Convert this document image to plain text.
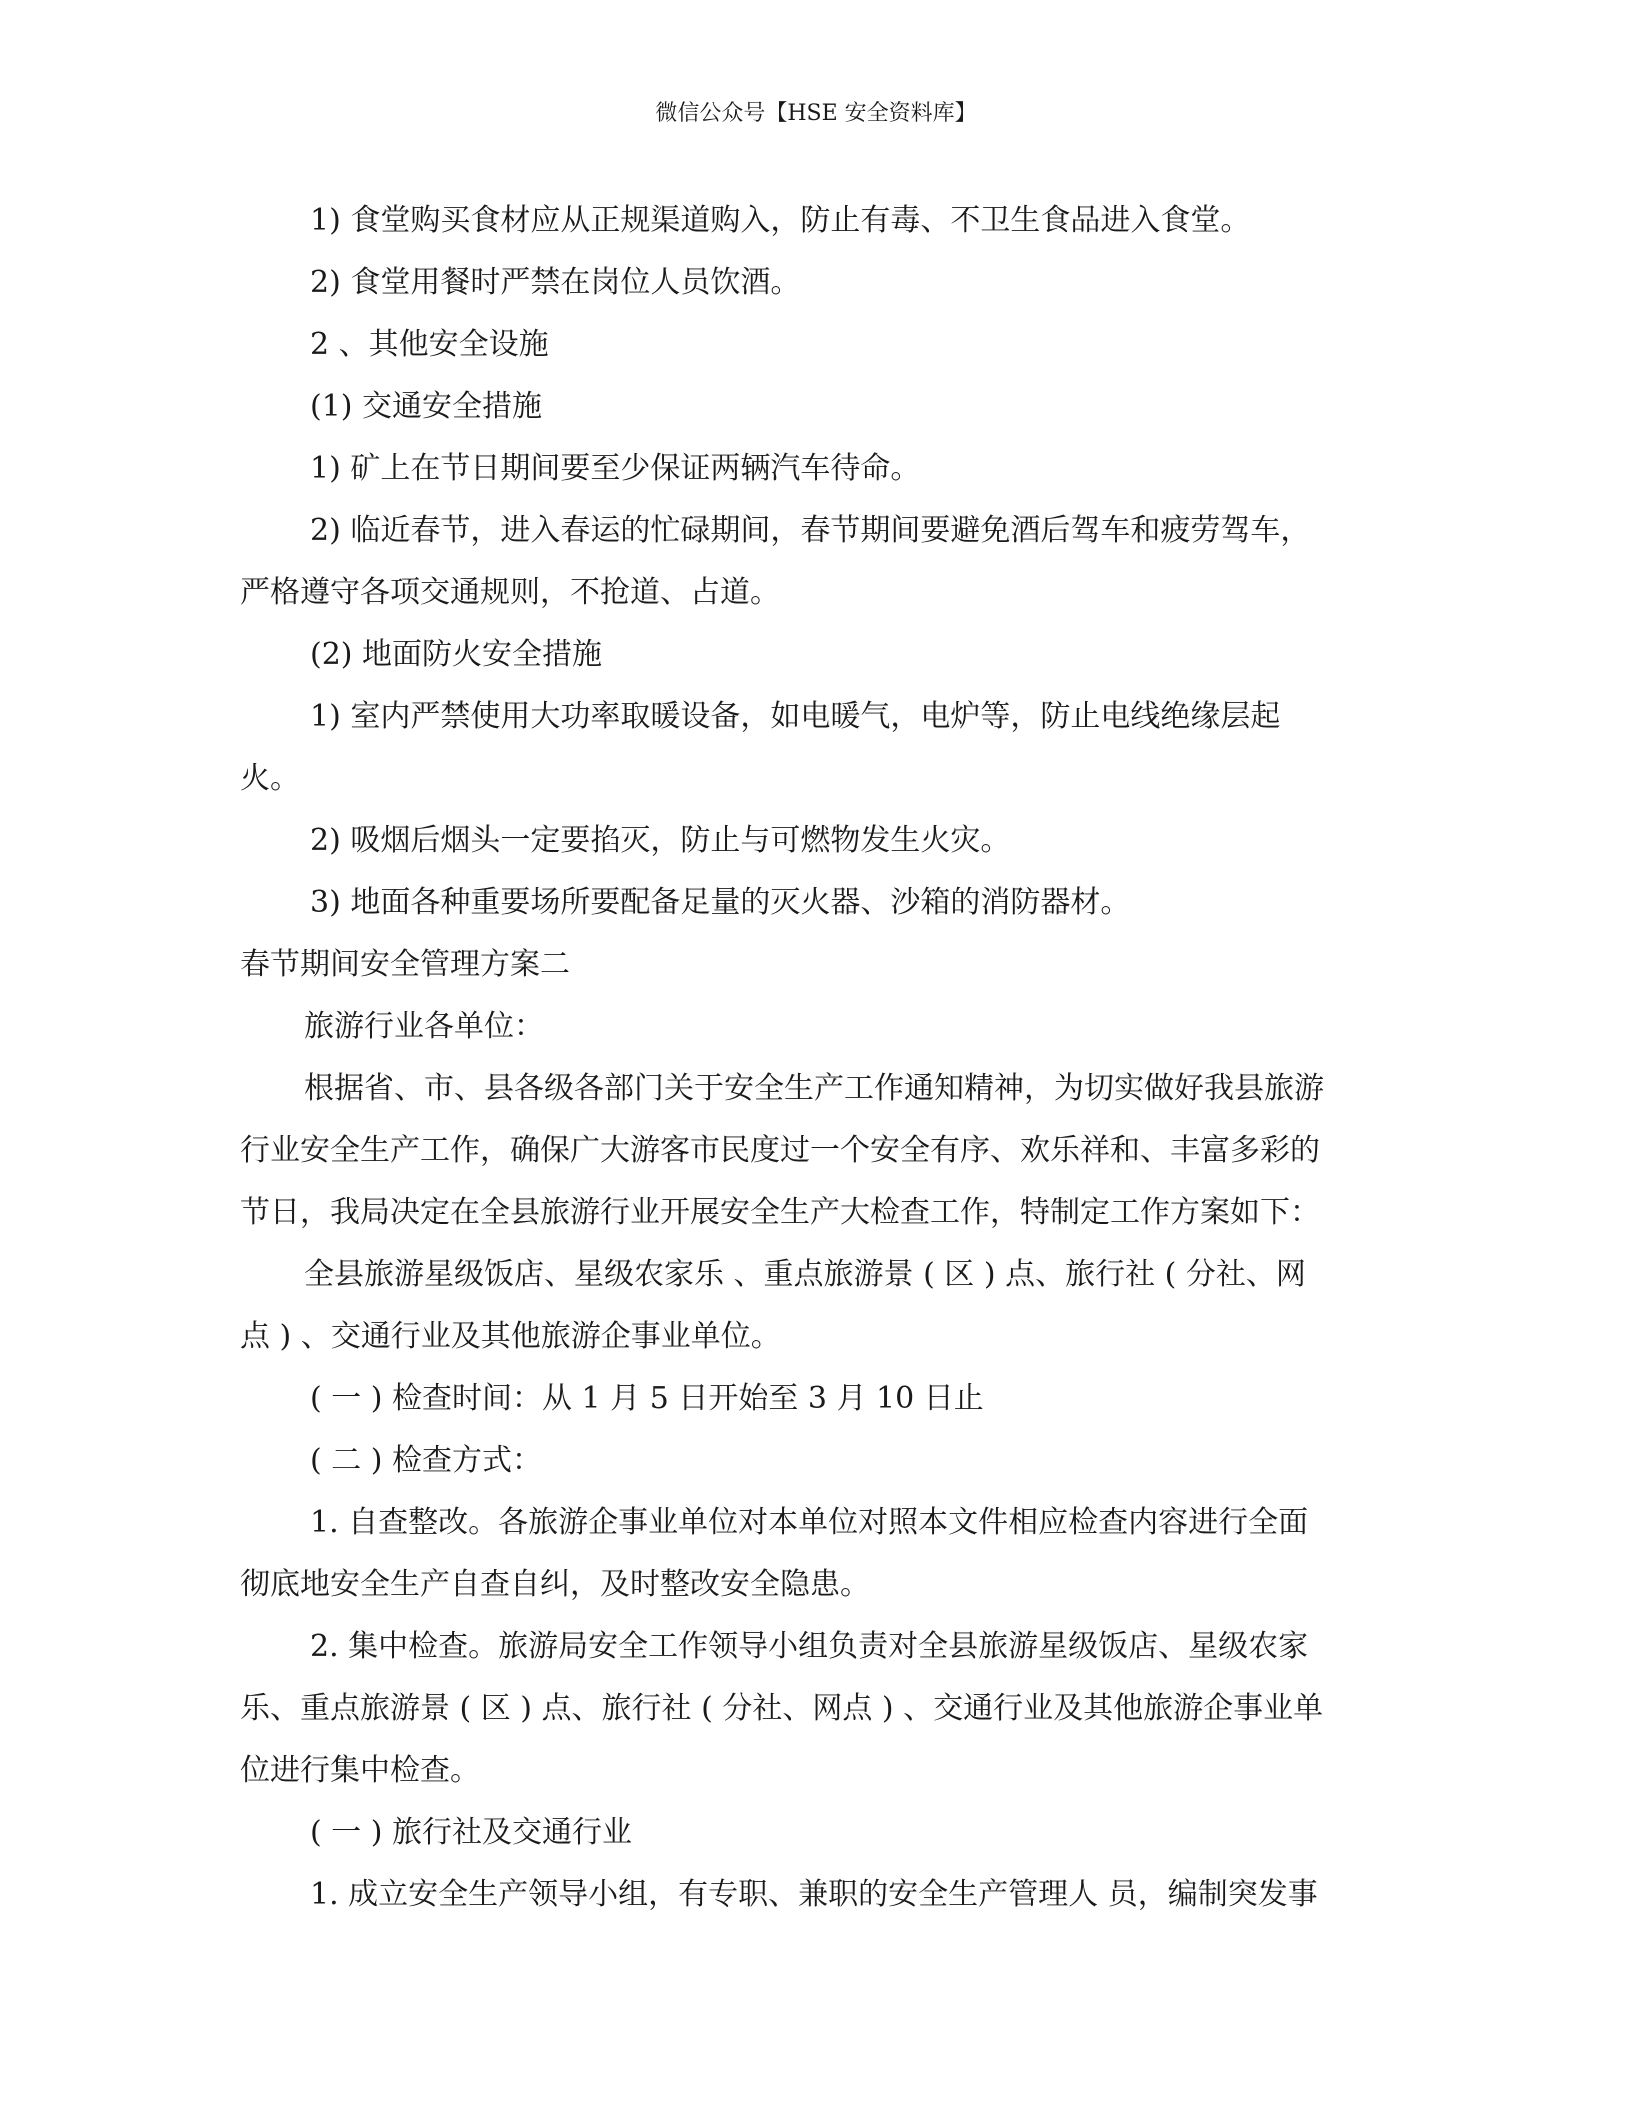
微信公众号【HSE 安全资料库】
1) 食堂购买食材应从正规渠道购入，防止有毒、不卫生食品进入食堂。
2) 食堂用餐时严禁在岗位人员饮酒。
2 、其他安全设施
(1) 交通安全措施
1) 矿上在节日期间要至少保证两辆汽车待命。
2) 临近春节，进入春运的忙碌期间，春节期间要避免酒后驾车和疲劳驾车，
严格遵守各项交通规则，不抢道、占道。
(2) 地面防火安全措施
1) 室内严禁使用大功率取暖设备，如电暖气，电炉等，防止电线绝缘层起
火。
2) 吸烟后烟头一定要掐灭，防止与可燃物发生火灾。
3) 地面各种重要场所要配备足量的灭火器、沙箱的消防器材。
春节期间安全管理方案二
旅游行业各单位：
根据省、市、县各级各部门关于安全生产工作通知精神，为切实做好我县旅游
行业安全生产工作，确保广大游客市民度过一个安全有序、欢乐祥和、丰富多彩的
节日，我局决定在全县旅游行业开展安全生产大检查工作，特制定工作方案如下：
全县旅游星级饭店、星级农家乐 、重点旅游景 ( 区 ) 点、旅行社 ( 分社、网
点 ) 、交通行业及其他旅游企事业单位。
( 一 ) 检查时间：从 1 月 5 日开始至 3 月 10 日止
( 二 ) 检查方式：
1. 自查整改。各旅游企事业单位对本单位对照本文件相应检查内容进行全面
彻底地安全生产自查自纠，及时整改安全隐患。
2. 集中检查。旅游局安全工作领导小组负责对全县旅游星级饭店、星级农家
乐、重点旅游景 ( 区 ) 点、旅行社 ( 分社、网点 ) 、交通行业及其他旅游企事业单
位进行集中检查。
( 一 ) 旅行社及交通行业
1. 成立安全生产领导小组，有专职、兼职的安全生产管理人 员，编制突发事
